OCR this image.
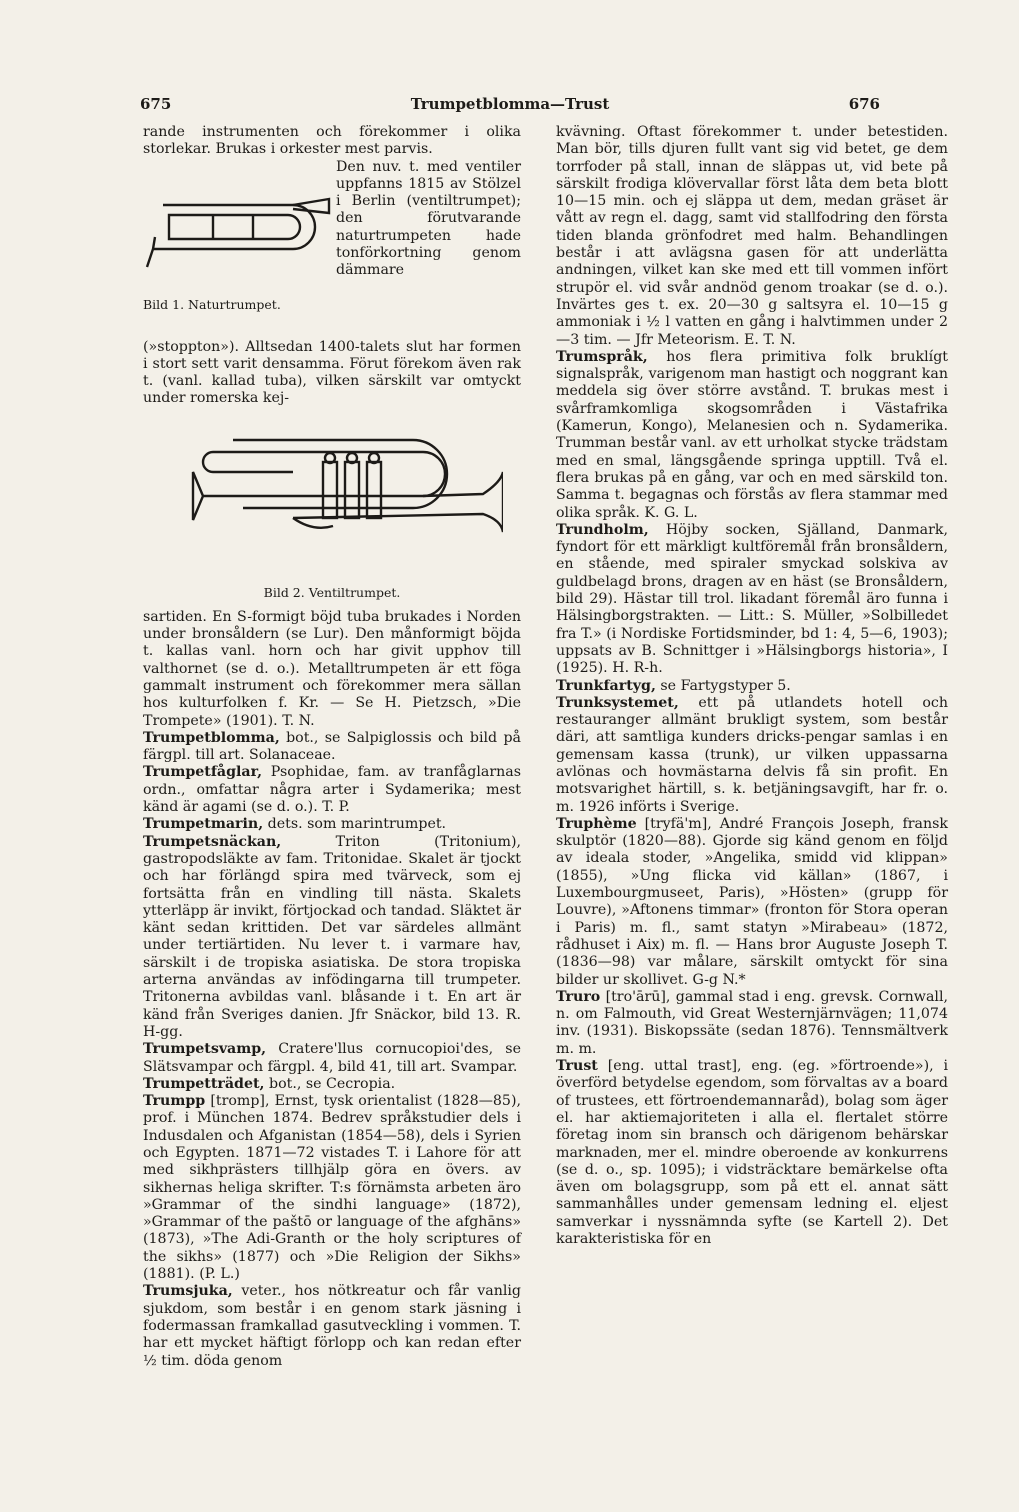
675	Trumpetblomma—Trust	676

rande instrumenten och förekommer i olika storlekar. Brukas i orkester mest parvis.

Den nuv. t. med ventiler uppfanns 1815 av Stölzel i Berlin (ventiltrumpet); den förutvarande naturtrumpeten hade tonförkortning genom dämmare

Bild 1. Naturtrumpet.

(»stoppton»). Alltsedan 1400-talets slut har formen i stort sett varit densamma. Förut förekom även rak t. (vanl. kallad tuba), vilken särskilt var omtyckt under romerska kej-

Bild 2. Ventiltrumpet.

sartiden. En S-formigt böjd tuba brukades i Norden under bronsåldern (se Lur). Den månformigt böjda t. kallas vanl. horn och har givit upphov till valthornet (se d. o.). Metalltrumpeten är ett föga gammalt instrument och förekommer mera sällan hos kulturfolken f. Kr. — Se H. Pietzsch, »Die Trompete» (1901). T. N.

Trumpetblomma, bot., se Salpiglossis och bild på färgpl. till art. Solanaceae.

Trumpetfåglar, Psophidae, fam. av tranfåglarnas ordn., omfattar några arter i Sydamerika; mest känd är agami (se d. o.). T. P.

Trumpetmarin, dets. som marintrumpet.

Trumpetsnäckan,	Triton (Tritonium), gastropodsläkte av fam. Tritonidae. Skalet är tjockt och har förlängd spira med tvärveck, som ej fortsätta från en vindling till nästa. Skalets ytterläpp är invikt, förtjockad och tandad. Släktet är känt sedan krittiden. Det var särdeles allmänt under tertiärtiden. Nu lever t. i varmare hav, särskilt i de tropiska asiatiska. De stora tropiska arterna användas av infödingarna till trumpeter. Tritonerna avbildas vanl. blåsande i t. En art är känd från Sveriges danien. Jfr Snäckor, bild 13. R. H-gg.

Trumpetsvamp, Cratere'llus cornucopioi'des, se Slätsvampar och färgpl. 4, bild 41, till art. Svampar.

Trumpetträdet, bot., se Cecropia.

Trumpp [tromp], Ernst, tysk orientalist (1828—85), prof. i München 1874. Bedrev språkstudier dels i Indusdalen och Afganistan (1854—58), dels i Syrien och Egypten. 1871—72 vistades T. i Lahore för att med sikhprästers tillhjälp göra en övers. av sikhernas heliga skrifter. T:s förnämsta arbeten äro »Grammar of the sindhi language» (1872), »Grammar of the paštō or language of the afghāns» (1873), »The Adi-Granth or the holy scriptures of the sikhs» (1877) och »Die Religion der Sikhs» (1881). (P. L.)

Trumsjuka, veter., hos nötkreatur och får vanlig sjukdom, som består i en genom stark jäsning i fodermassan framkallad gasutveckling i vommen. T. har ett mycket häftigt förlopp och kan redan efter ½ tim. döda genom

kvävning. Oftast förekommer t. under betestiden. Man bör, tills djuren fullt vant sig vid betet, ge dem torrfoder på stall, innan de släppas ut, vid bete på särskilt frodiga klövervallar först låta dem beta blott 10—15 min. och ej släppa ut dem, medan gräset är vått av regn el. dagg, samt vid stallfodring den första tiden blanda grönfodret med halm. Behandlingen består i att avlägsna gasen för att underlätta andningen, vilket kan ske med ett till vommen infört strupör el. vid svår andnöd genom troakar (se d. o.). Invärtes ges t. ex. 20—30 g saltsyra el. 10—15 g ammoniak i ½ l vatten en gång i halvtimmen under 2—3 tim. — Jfr Meteorism. E. T. N.

Trumspråk, hos flera primitiva folk bruklígt signalspråk, varigenom man hastigt och noggrant kan meddela sig över större avstånd. T. brukas mest i svårframkomliga skogsområden i Västafrika (Kamerun, Kongo), Melanesien och n. Sydamerika. Trumman består vanl. av ett urholkat stycke trädstam med en smal, längsgående springa upptill. Två el. flera brukas på en gång, var och en med särskild ton. Samma t. begagnas och förstås av flera stammar med olika språk. K. G. L.

Trundholm, Höjby socken, Själland, Danmark, fyndort för ett märkligt kultföremål från bronsåldern, en stående, med spiraler smyckad solskiva av guldbelagd brons, dragen av en häst (se Bronsåldern, bild 29). Hästar till trol. likadant föremål äro funna i Hälsingborgstrakten. — Litt.: S. Müller, »Solbilledet fra T.» (i Nordiske Fortidsminder, bd 1: 4, 5—6, 1903); uppsats av B. Schnittger i »Hälsingborgs historia», I (1925). H. R-h.

Trunkfartyg, se Fartygstyper 5.

Trunksystemet, ett på utlandets hotell och restauranger allmänt brukligt system, som består däri, att samtliga kunders dricks-pengar samlas i en gemensam kassa (trunk), ur vilken uppassarna avlönas och hovmästarna delvis få sin profit. En motsvarighet härtill, s. k. betjäningsavgift, har fr. o. m. 1926 införts i Sverige.

Truphème [tryfä'm], André François Joseph, fransk skulptör (1820—88). Gjorde sig känd genom en följd av ideala stoder, »Angelika, smidd vid klippan» (1855), »Ung flicka vid källan» (1867, i Luxembourgmuseet, Paris), »Hösten» (grupp för Louvre), »Aftonens timmar» (fronton för Stora operan i Paris) m. fl., samt statyn »Mirabeau» (1872, rådhuset i Aix) m. fl. — Hans bror Auguste Joseph T. (1836—98) var målare, särskilt omtyckt för sina bilder ur skollivet. G-g N.*

Truro [tro'ārū], gammal stad i eng. grevsk. Cornwall, n. om Falmouth, vid Great Westernjärnvägen; 11,074 inv. (1931). Biskopssäte (sedan 1876). Tennsmältverk m. m.

Trust [eng. uttal trast], eng. (eg. »förtroende»), i överförd betydelse egendom, som förvaltas av a board of trustees, ett förtroendemannaråd), bolag som äger el. har aktiemajoriteten i alla el. flertalet större företag inom sin bransch och därigenom behärskar marknaden, mer el. mindre oberoende av konkurrens (se d. o., sp. 1095); i vidsträcktare bemärkelse ofta även om bolagsgrupp, som på ett el. annat sätt sammanhålles under gemensam ledning el. eljest samverkar i nyssnämnda syfte (se Kartell 2). Det karakteristiska för en
